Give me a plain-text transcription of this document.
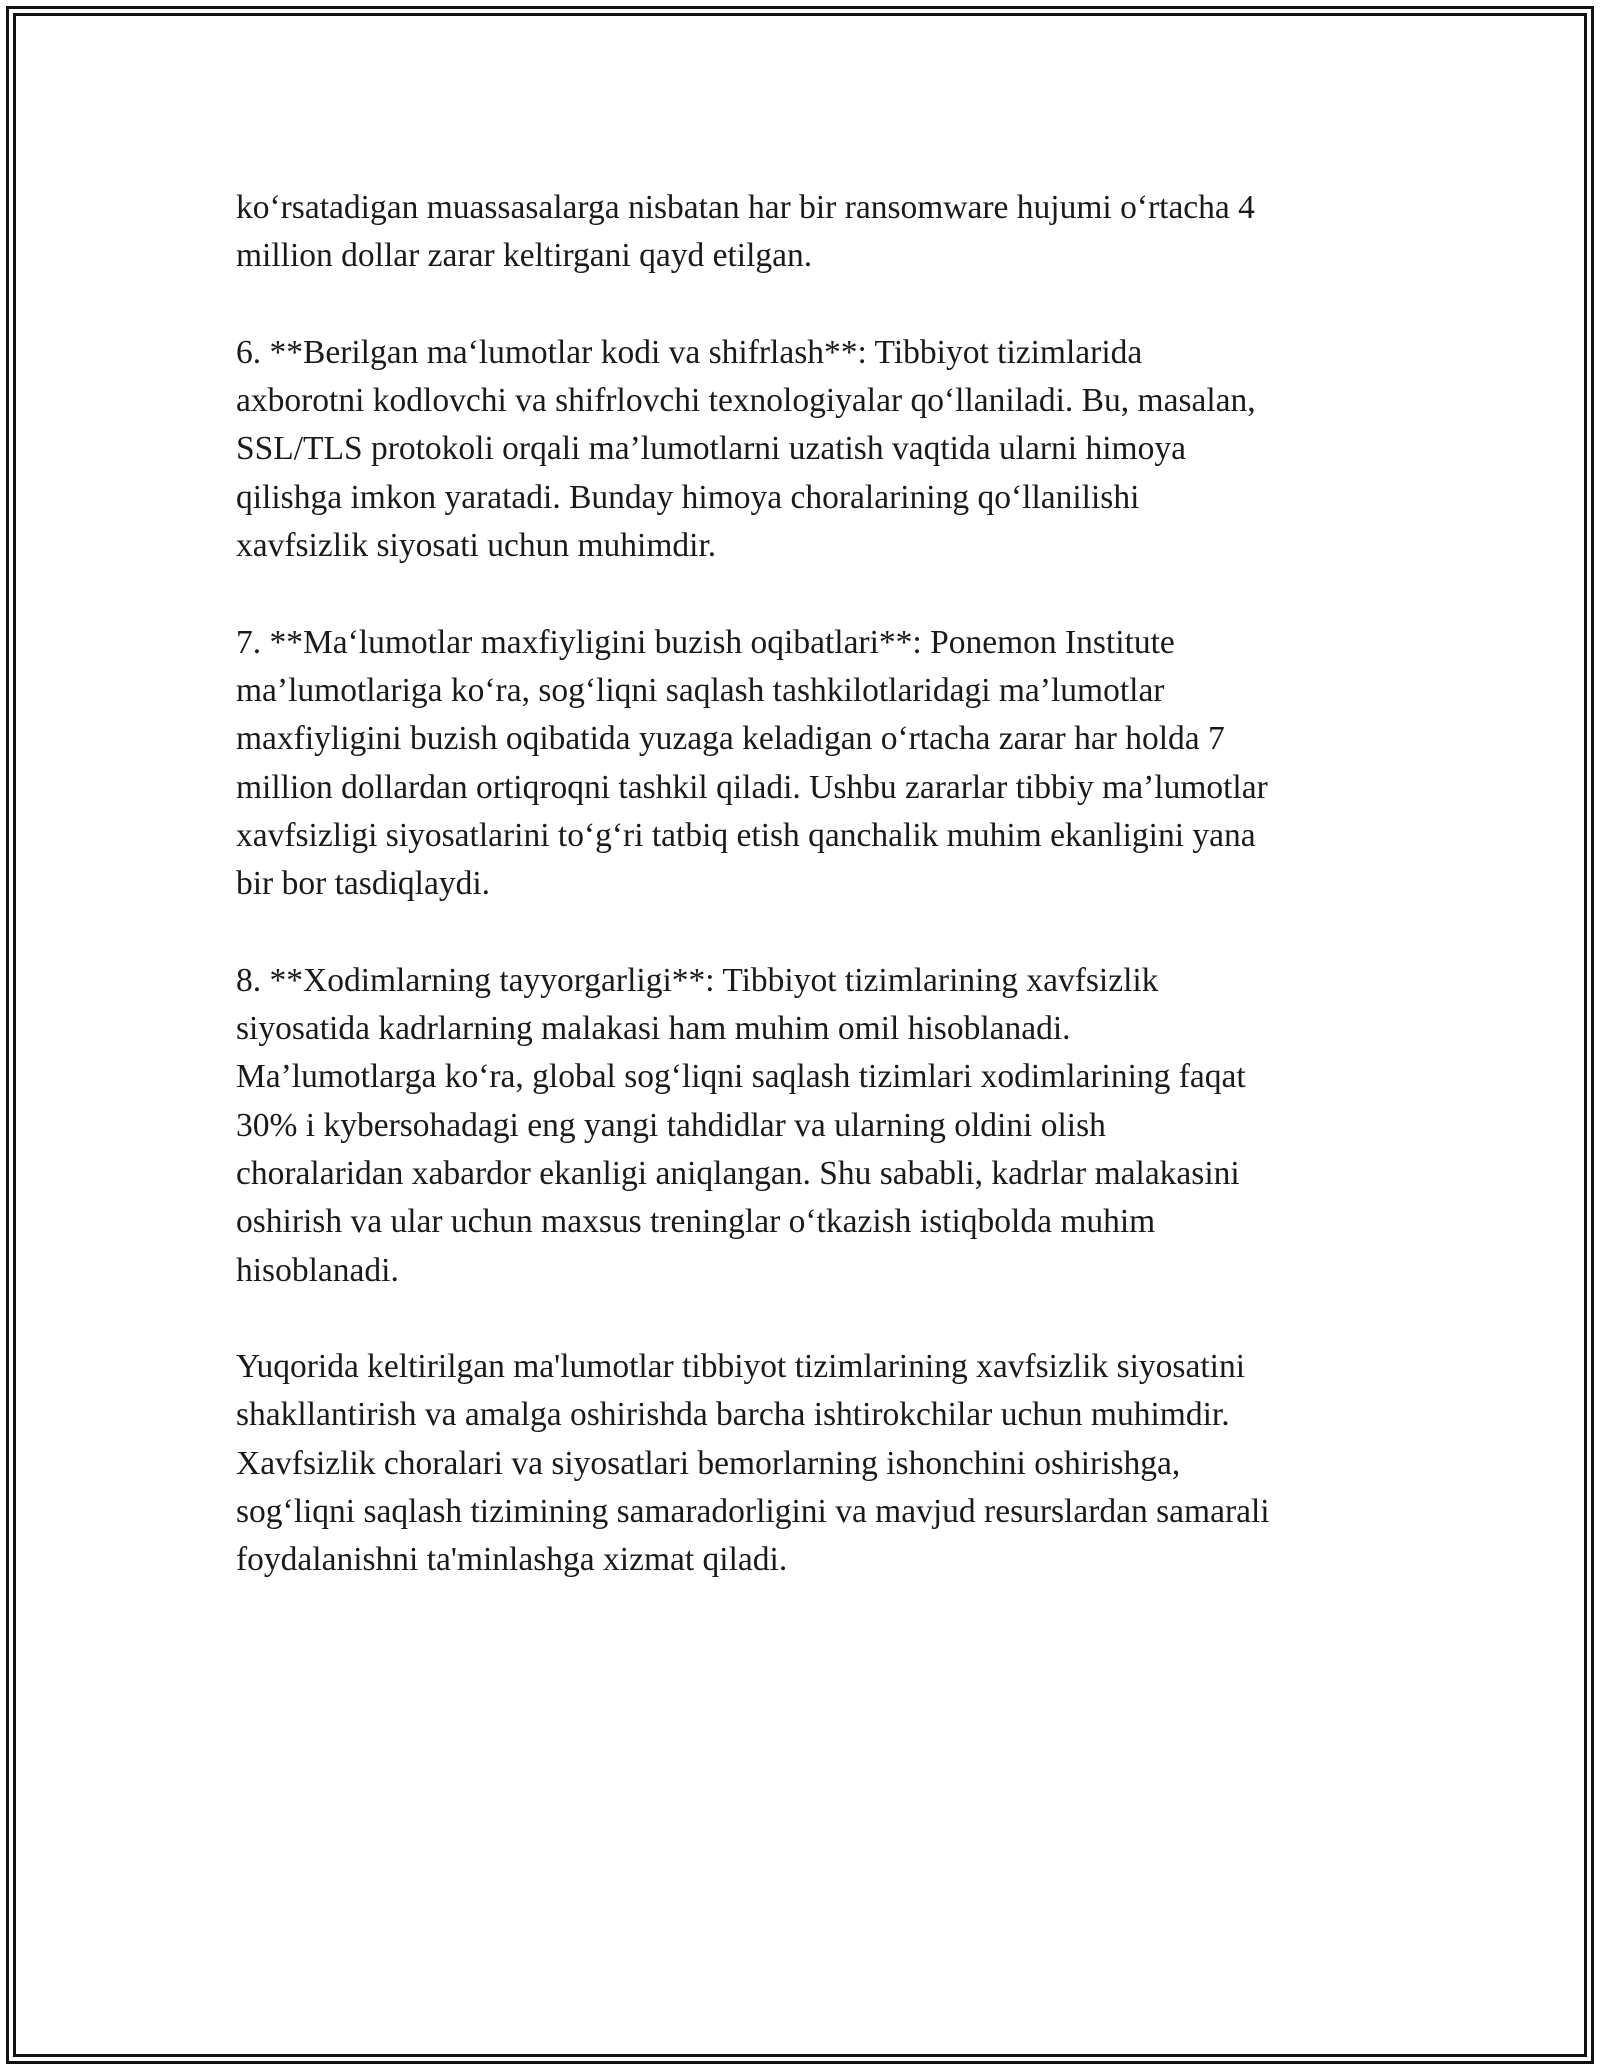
ko‘rsatadigan muassasalarga nisbatan har bir ransomware hujumi o‘rtacha 4
million dollar zarar keltirgani qayd etilgan.
6. **Berilgan ma‘lumotlar kodi va shifrlash**: Tibbiyot tizimlarida
axborotni kodlovchi va shifrlovchi texnologiyalar qo‘llaniladi. Bu, masalan,
SSL/TLS protokoli orqali ma’lumotlarni uzatish vaqtida ularni himoya
qilishga imkon yaratadi. Bunday himoya choralarining qo‘llanilishi
xavfsizlik siyosati uchun muhimdir.
7. **Ma‘lumotlar maxfiyligini buzish oqibatlari**: Ponemon Institute
ma’lumotlariga ko‘ra, sog‘liqni saqlash tashkilotlaridagi ma’lumotlar
maxfiyligini buzish oqibatida yuzaga keladigan o‘rtacha zarar har holda 7
million dollardan ortiqroqni tashkil qiladi. Ushbu zararlar tibbiy ma’lumotlar
xavfsizligi siyosatlarini to‘g‘ri tatbiq etish qanchalik muhim ekanligini yana
bir bor tasdiqlaydi.
8. **Xodimlarning tayyorgarligi**: Tibbiyot tizimlarining xavfsizlik
siyosatida kadrlarning malakasi ham muhim omil hisoblanadi.
Ma’lumotlarga ko‘ra, global sog‘liqni saqlash tizimlari xodimlarining faqat
30% i kybersohadagi eng yangi tahdidlar va ularning oldini olish
choralaridan xabardor ekanligi aniqlangan. Shu sababli, kadrlar malakasini
oshirish va ular uchun maxsus treninglar o‘tkazish istiqbolda muhim
hisoblanadi.
Yuqorida keltirilgan ma'lumotlar tibbiyot tizimlarining xavfsizlik siyosatini
shakllantirish va amalga oshirishda barcha ishtirokchilar uchun muhimdir.
Xavfsizlik choralari va siyosatlari bemorlarning ishonchini oshirishga,
sog‘liqni saqlash tizimining samaradorligini va mavjud resurslardan samarali
foydalanishni ta'minlashga xizmat qiladi.
